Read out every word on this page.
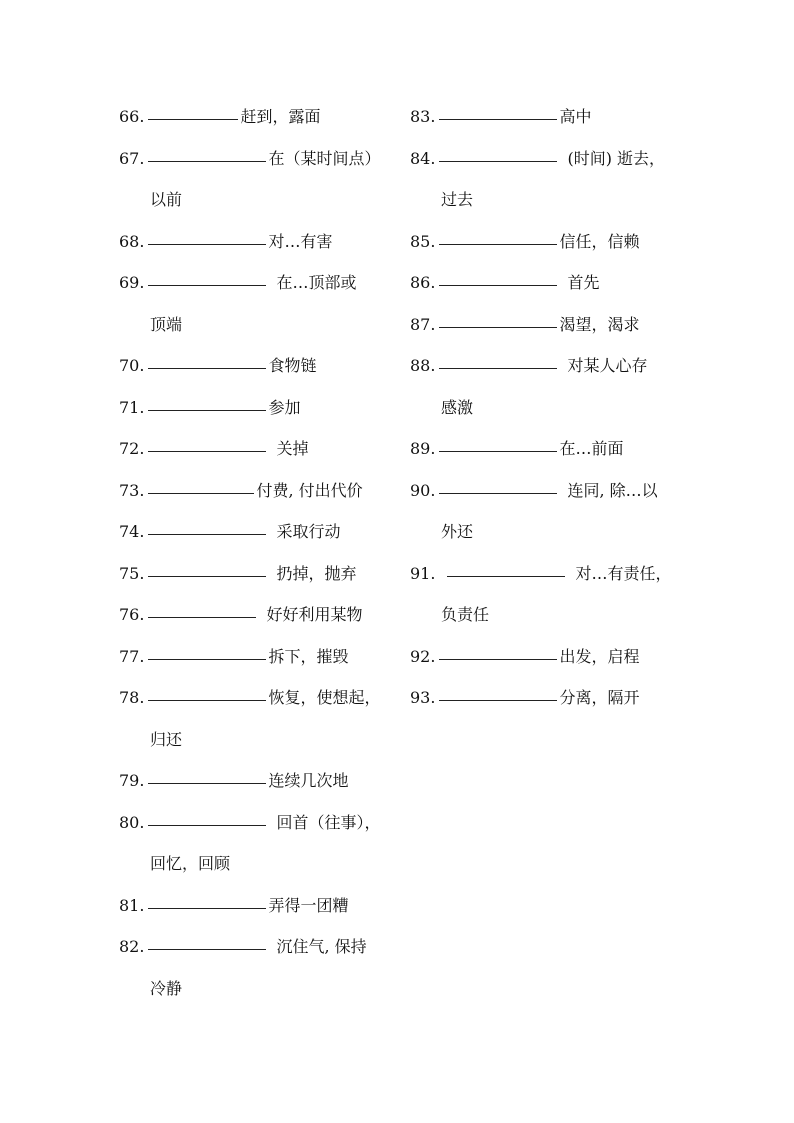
66.	赶到，露面
67.	在（某时间点）
以前
68.	对…有害
69.	在…顶部或
顶端
70.	食物链
71.	参加
72.	关掉
73.	付费, 付出代价
74.	采取行动
75.	扔掉，抛弃
76.	好好利用某物
77.	拆下，摧毁
78.	恢复，使想起，
归还
79.	连续几次地
80.	回首（往事），
回忆，回顾
81.	弄得一团糟
82.	沉住气, 保持
冷静
83.	高中
84.	(时间) 逝去，
过去
85.	信任，信赖
86.	首先
87.	渴望，渴求
88.	对某人心存
感激
89.	在…前面
90.	连同, 除…以
外还
91.	对…有责任，
负责任
92.	出发，启程
93.	分离，隔开
